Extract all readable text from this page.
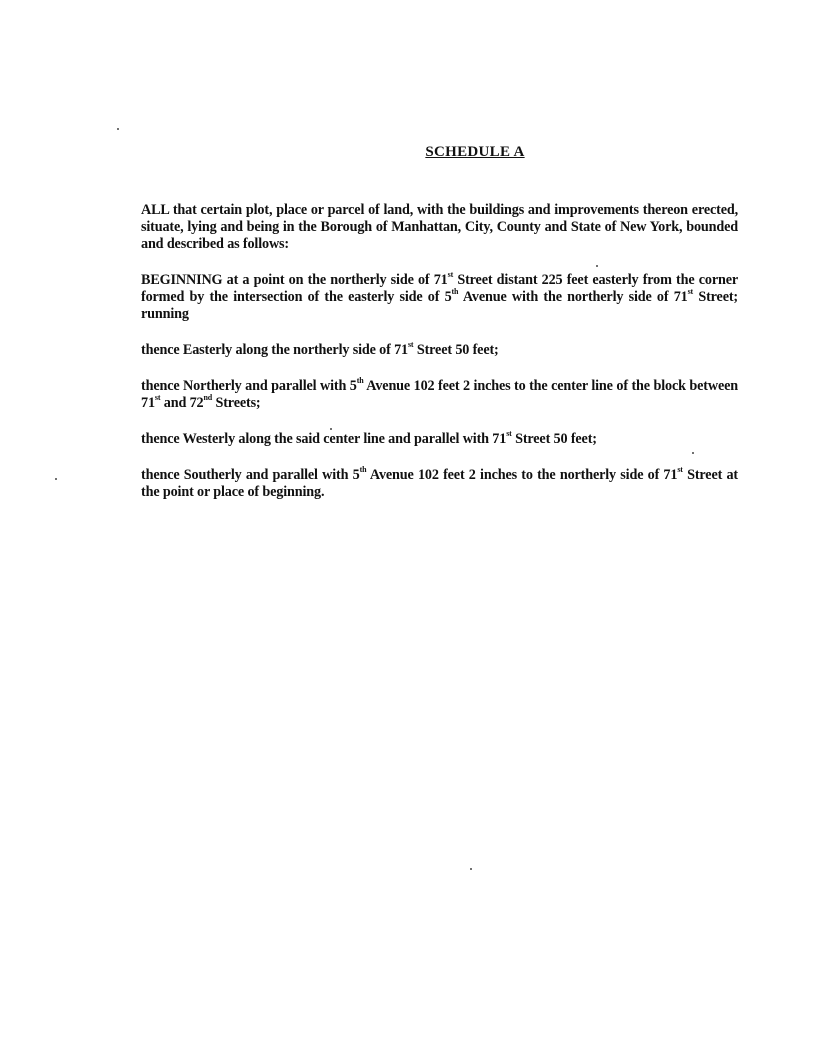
SCHEDULE A

ALL that certain plot, place or parcel of land, with the buildings and improvements thereon erected, situate, lying and being in the Borough of Manhattan, City, County and State of New York, bounded and described as follows:

BEGINNING at a point on the northerly side of 71st Street distant 225 feet easterly from the corner formed by the intersection of the easterly side of 5th Avenue with the northerly side of 71st Street; running

thence Easterly along the northerly side of 71st Street 50 feet;

thence Northerly and parallel with 5th Avenue 102 feet 2 inches to the center line of the block between 71st and 72nd Streets;

thence Westerly along the said center line and parallel with 71st Street 50 feet;

thence Southerly and parallel with 5th Avenue 102 feet 2 inches to the northerly side of 71st Street at the point or place of beginning.
